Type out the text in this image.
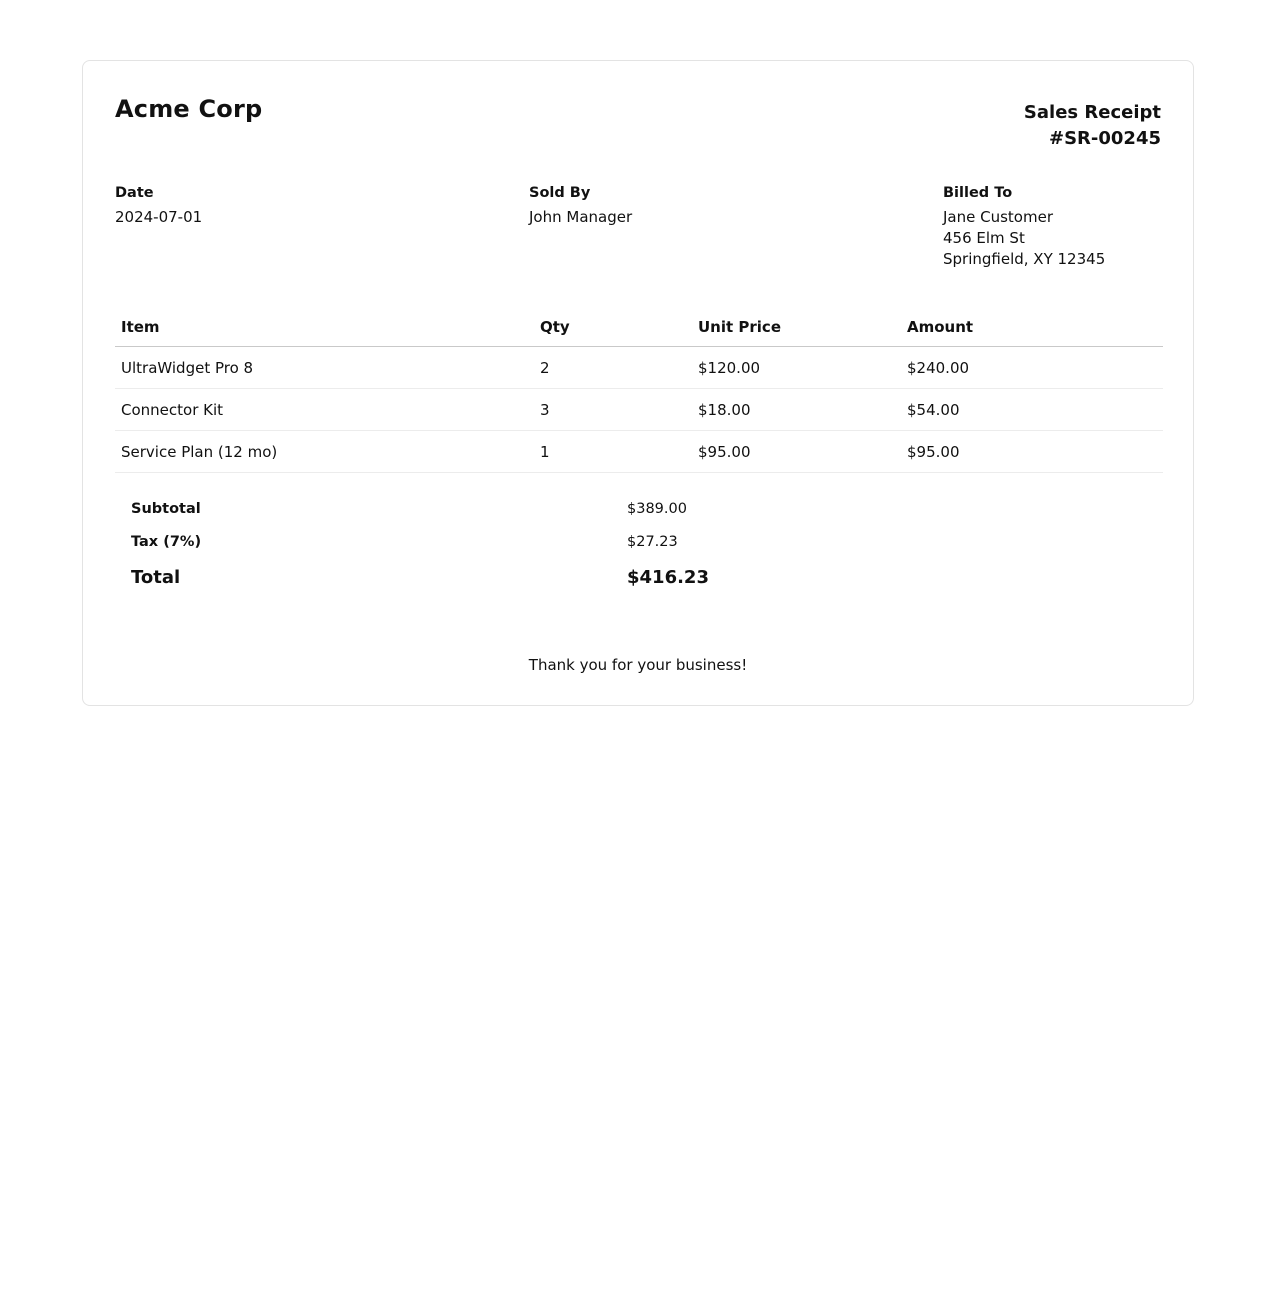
Acme Corp	Sales Receipt
#SR-00245
Date
2024-07-01
Sold By
John Manager
Billed To
Jane Customer
456 Elm St
Springfield, XY 12345
Item	Qty	Unit Price	Amount
UltraWidget Pro 8	2	$120.00	$240.00
Connector Kit	3	$18.00	$54.00
Service Plan (12 mo)	1	$95.00	$95.00
Subtotal	$389.00
Tax (7%)	$27.23
Total	$416.23
Thank you for your business!
